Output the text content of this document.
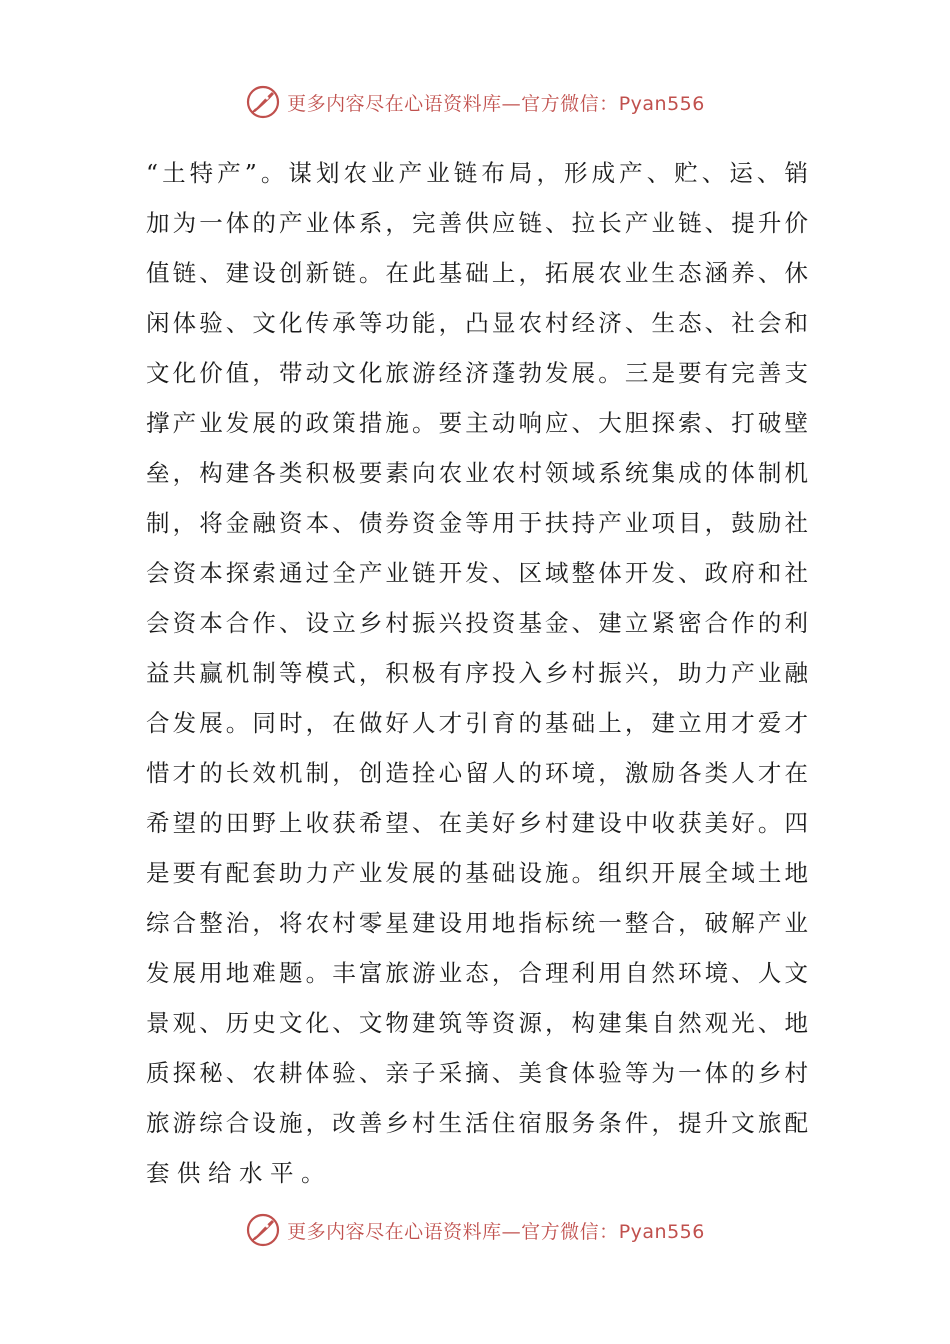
更多内容尽在心语资料库—官方微信：Pyan556
“土特产”。谋划农业产业链布局，形成产、贮、运、销
加为一体的产业体系，完善供应链、拉长产业链、提升价
值链、建设创新链。在此基础上，拓展农业生态涵养、休
闲体验、文化传承等功能，凸显农村经济、生态、社会和
文化价值，带动文化旅游经济蓬勃发展。三是要有完善支
撑产业发展的政策措施。要主动响应、大胆探索、打破壁
垒，构建各类积极要素向农业农村领域系统集成的体制机
制，将金融资本、债券资金等用于扶持产业项目，鼓励社
会资本探索通过全产业链开发、区域整体开发、政府和社
会资本合作、设立乡村振兴投资基金、建立紧密合作的利
益共赢机制等模式，积极有序投入乡村振兴，助力产业融
合发展。同时，在做好人才引育的基础上，建立用才爱才
惜才的长效机制，创造拴心留人的环境，激励各类人才在
希望的田野上收获希望、在美好乡村建设中收获美好。四
是要有配套助力产业发展的基础设施。组织开展全域土地
综合整治，将农村零星建设用地指标统一整合，破解产业
发展用地难题。丰富旅游业态，合理利用自然环境、人文
景观、历史文化、文物建筑等资源，构建集自然观光、地
质探秘、农耕体验、亲子采摘、美食体验等为一体的乡村
旅游综合设施，改善乡村生活住宿服务条件，提升文旅配
套供给水平。
更多内容尽在心语资料库—官方微信：Pyan556
